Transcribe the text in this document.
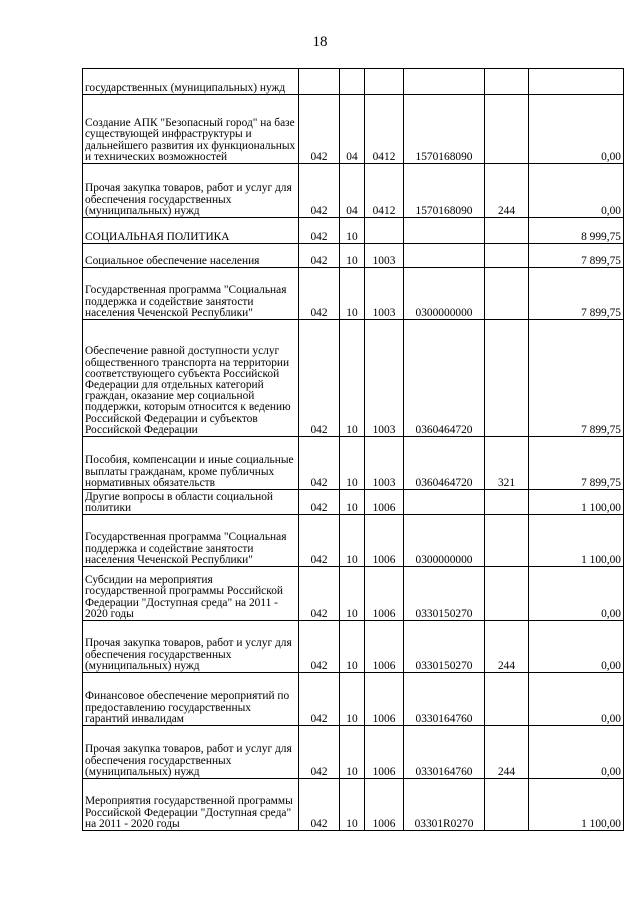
18
государственных (муниципальных) нужд						
Создание АПК "Безопасный город" на базе существующей инфраструктуры и дальнейшего развития их функциональных и технических возможностей	042	04	0412	1570168090		0,00
Прочая закупка товаров, работ и услуг для обеспечения государственных (муниципальных) нужд	042	04	0412	1570168090	244	0,00
СОЦИАЛЬНАЯ ПОЛИТИКА	042	10				8 999,75
Социальное обеспечение населения	042	10	1003			7 899,75
Государственная программа "Социальная поддержка и содействие занятости населения Чеченской Республики"	042	10	1003	0300000000		7 899,75
Обеспечение равной доступности услуг общественного транспорта на территории соответствующего субъекта Российской Федерации для отдельных категорий граждан, оказание мер социальной поддержки, которым относится к ведению Российской Федерации и субъектов Российской Федерации	042	10	1003	0360464720		7 899,75
Пособия, компенсации и иные социальные выплаты гражданам, кроме публичных нормативных обязательств	042	10	1003	0360464720	321	7 899,75
Другие вопросы в области социальной политики	042	10	1006			1 100,00
Государственная программа "Социальная поддержка и содействие занятости населения Чеченской Республики"	042	10	1006	0300000000		1 100,00
Субсидии на мероприятия государственной программы Российской Федерации "Доступная среда" на 2011 - 2020 годы	042	10	1006	0330150270		0,00
Прочая закупка товаров, работ и услуг для обеспечения государственных (муниципальных) нужд	042	10	1006	0330150270	244	0,00
Финансовое обеспечение мероприятий по предоставлению государственных гарантий инвалидам	042	10	1006	0330164760		0,00
Прочая закупка товаров, работ и услуг для обеспечения государственных (муниципальных) нужд	042	10	1006	0330164760	244	0,00
Мероприятия государственной программы Российской Федерации "Доступная среда" на 2011 - 2020 годы	042	10	1006	03301R0270		1 100,00
